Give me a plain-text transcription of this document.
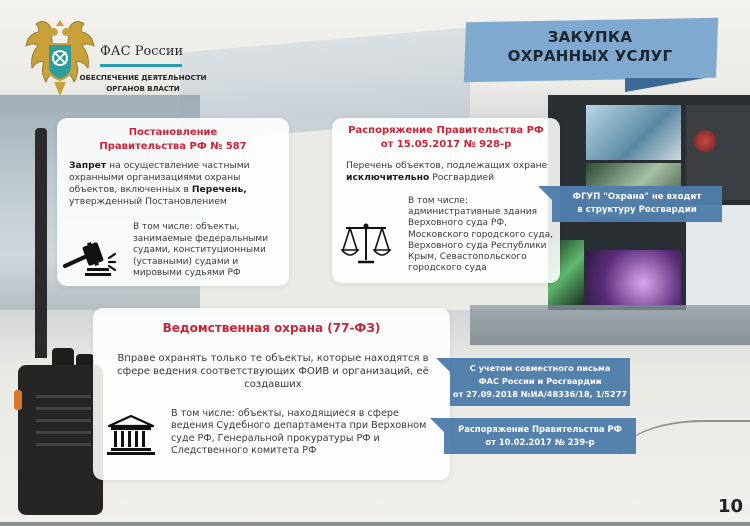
ФАС России
ОБЕСПЕЧЕНИЕ ДЕЯТЕЛЬНОСТИ ОРГАНОВ ВЛАСТИ
ЗАКУПКА
ОХРАННЫХ УСЛУГ
Постановление
Правительства РФ № 587
Запрет на осуществление частными охранными организациями охраны объектов, включенных в Перечень, утвержденный Постановлением
В том числе: объекты, занимаемые федеральными судами, конституционными (уставными) судами и мировыми судьями РФ
Распоряжение Правительства РФ
от 15.05.2017 № 928-р
Перечень объектов, подлежащих охране исключительно Росгвардией
В том числе: административные здания Верховного суда РФ, Московского городского суда, Верховного суда Республики Крым, Севастопольского городского суда
ФГУП "Охрана" не входит
в структуру Росгвардии
Ведомственная охрана (77-ФЗ)
Вправе охранять только те объекты, которые находятся в сфере ведения соответствующих ФОИВ и организаций, её создавших
В том числе: объекты, находящиеся в сфере ведения Судебного департамента при Верховном суде РФ, Генеральной прокуратуры РФ и Следственного комитета РФ
С учетом совместного письма
ФАС России и Росгвардии
от 27.09.2018 №ИА/48336/18, 1/5277
Распоряжение Правительства РФ
от 10.02.2017 № 239-р
10
